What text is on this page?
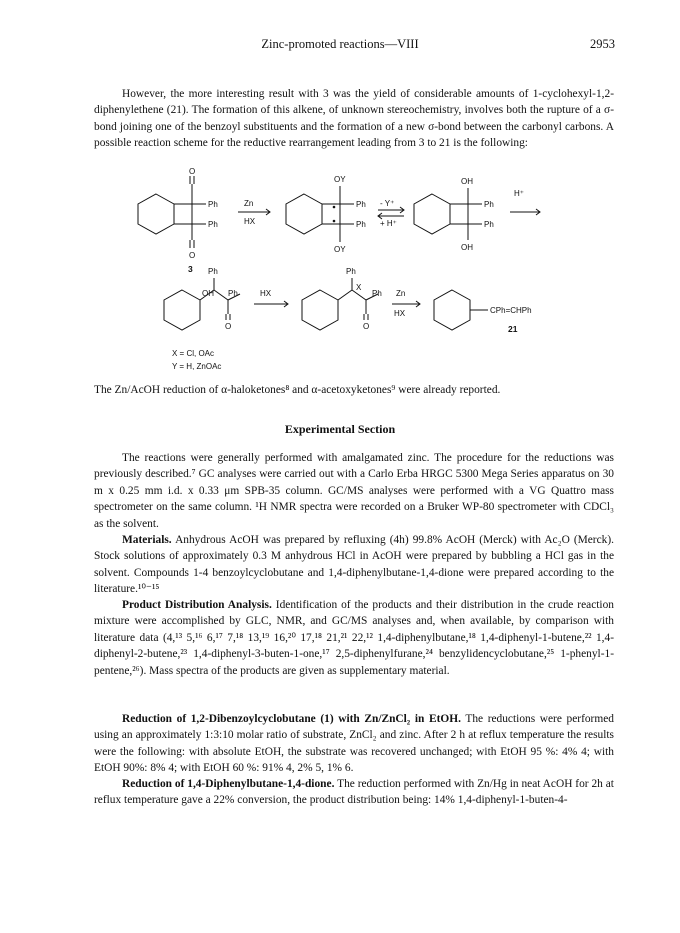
Zinc-promoted reactions—VIII	2953
However, the more interesting result with 3 was the yield of considerable amounts of 1-cyclohexyl-1,2-diphenylethene (21). The formation of this alkene, of unknown stereochemistry, involves both the rupture of a σ-bond joining one of the benzoyl substituents and the formation of a new σ-bond between the carbonyl carbons. A possible reaction scheme for the reductive rearrangement leading from 3 to 21 is the following:
Ph
Ph
O
O
3
Zn
HX
OY
Ph
Ph
OY
- Y⁺
+ H⁺
OH
Ph
Ph
OH
H⁺
Ph
OH Ph
O
HX
Ph
X
Ph
O
Zn
HX	CPh=CHPh
21
X = Cl, OAc
Y = H, ZnOAc
The Zn/AcOH reduction of α-haloketones⁸ and α-acetoxyketones⁹ were already reported.
Experimental Section
The reactions were generally performed with amalgamated zinc. The procedure for the reductions was previously described.⁷ GC analyses were carried out with a Carlo Erba HRGC 5300 Mega Series apparatus on 30 m x 0.25 mm i.d. x 0.33 μm SPB-35 column. GC/MS analyses were performed with a VG Quattro mass spectrometer on the same column. ¹H NMR spectra were recorded on a Bruker WP-80 spectrometer with CDCl₃ as the solvent.
Materials. Anhydrous AcOH was prepared by refluxing (4h) 99.8% AcOH (Merck) with Ac₂O (Merck). Stock solutions of approximately 0.3 M anhydrous HCl in AcOH were prepared by bubbling a HCl gas in the solvent. Compounds 1-4 benzoylcyclobutane and 1,4-diphenylbutane-1,4-dione were prepared according to the literature.¹⁰⁻¹⁵
Product Distribution Analysis. Identification of the products and their distribution in the crude reaction mixture were accomplished by GLC, NMR, and GC/MS analyses and, when available, by comparison with literature data (4,¹³ 5,¹⁶ 6,¹⁷ 7,¹⁸ 13,¹⁹ 16,²⁰ 17,¹⁸ 21,²¹ 22,¹² 1,4-diphenylbutane,¹⁸ 1,4-diphenyl-1-butene,²² 1,4-diphenyl-2-butene,²³ 1,4-diphenyl-3-buten-1-one,¹⁷ 2,5-diphenylfurane,²⁴ benzylidencyclobutane,²⁵ 1-phenyl-1-pentene,²⁶). Mass spectra of the products are given as supplementary material.
Reduction of 1,2-Dibenzoylcyclobutane (1) with Zn/ZnCl₂ in EtOH. The reductions were performed using an approximately 1:3:10 molar ratio of substrate, ZnCl₂ and zinc. After 2 h at reflux temperature the results were the following: with absolute EtOH, the substrate was recovered unchanged; with EtOH 95 %: 4% 4; with EtOH 90%: 8% 4; with EtOH 60 %: 91% 4, 2% 5, 1% 6.
Reduction of 1,4-Diphenylbutane-1,4-dione. The reduction performed with Zn/Hg in neat AcOH for 2h at reflux temperature gave a 22% conversion, the product distribution being: 14% 1,4-diphenyl-1-buten-4-
